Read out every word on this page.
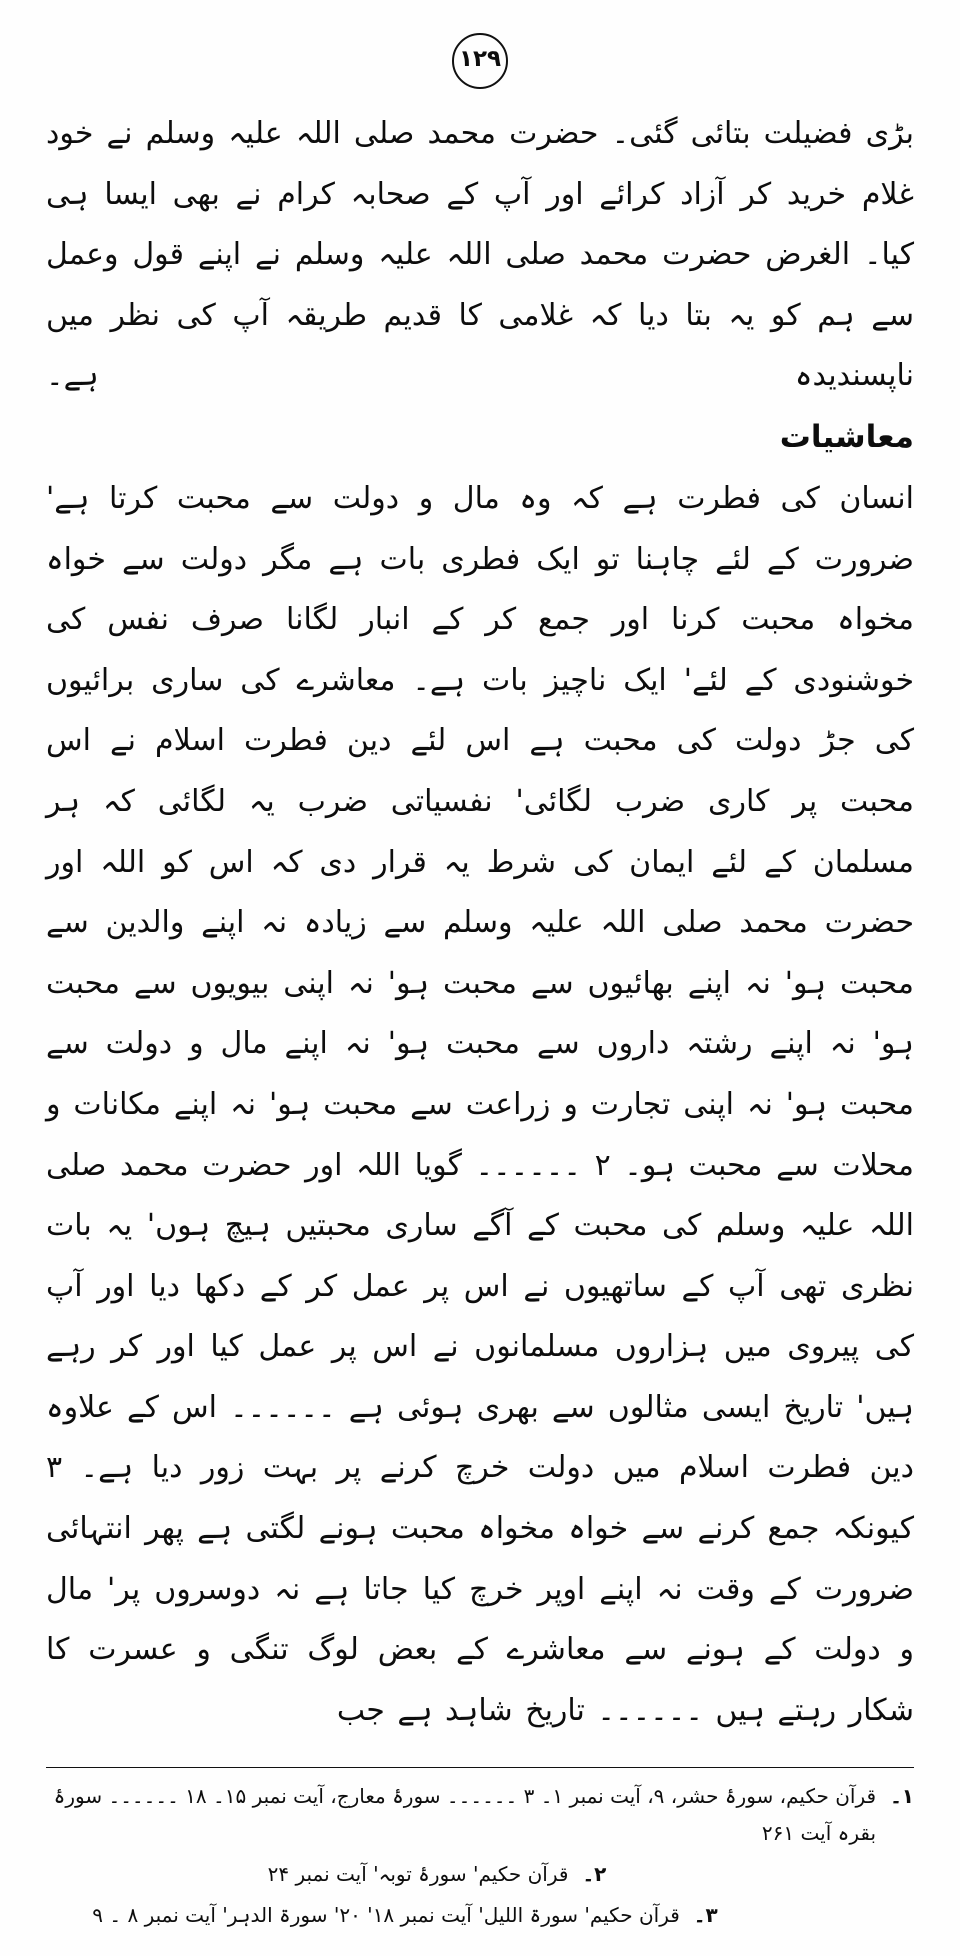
۱۲۹

بڑی فضیلت بتائی گئی۔ حضرت محمد صلی اللہ علیہ وسلم نے خود غلام خرید کر آزاد کرائے اور آپ کے صحابہ کرام نے بھی ایسا ہی کیا۔ الغرض حضرت محمد صلی اللہ علیہ وسلم نے اپنے قول وعمل سے ہم کو یہ بتا دیا کہ غلامی کا قدیم طریقہ آپ کی نظر میں ناپسندیدہ ہے۔

معاشیات

انسان کی فطرت ہے کہ وہ مال و دولت سے محبت کرتا ہے' ضرورت کے لئے چاہنا تو ایک فطری بات ہے مگر دولت سے خواہ مخواہ محبت کرنا اور جمع کر کے انبار لگانا صرف نفس کی خوشنودی کے لئے' ایک ناچیز بات ہے۔ معاشرے کی ساری برائیوں کی جڑ دولت کی محبت ہے اس لئے دین فطرت اسلام نے اس محبت پر کاری ضرب لگائی' نفسیاتی ضرب یہ لگائی کہ ہر مسلمان کے لئے ایمان کی شرط یہ قرار دی کہ اس کو اللہ اور حضرت محمد صلی اللہ علیہ وسلم سے زیادہ نہ اپنے والدین سے محبت ہو' نہ اپنے بھائیوں سے محبت ہو' نہ اپنی بیویوں سے محبت ہو' نہ اپنے رشتہ داروں سے محبت ہو' نہ اپنے مال و دولت سے محبت ہو' نہ اپنی تجارت و زراعت سے محبت ہو' نہ اپنے مکانات و محلات سے محبت ہو۔ ۲ ۔۔۔۔۔۔ گویا اللہ اور حضرت محمد صلی اللہ علیہ وسلم کی محبت کے آگے ساری محبتیں ہیچ ہوں' یہ بات نظری تھی آپ کے ساتھیوں نے اس پر عمل کر کے دکھا دیا اور آپ کی پیروی میں ہزاروں مسلمانوں نے اس پر عمل کیا اور کر رہے ہیں' تاریخ ایسی مثالوں سے بھری ہوئی ہے ۔۔۔۔۔۔ اس کے علاوہ دین فطرت اسلام میں دولت خرچ کرنے پر بہت زور دیا ہے۔ ۳ کیونکہ جمع کرنے سے خواہ مخواہ محبت ہونے لگتی ہے پھر انتہائی ضرورت کے وقت نہ اپنے اوپر خرچ کیا جاتا ہے نہ دوسروں پر' مال و دولت کے ہونے سے معاشرے کے بعض لوگ تنگی و عسرت کا شکار رہتے ہیں ۔۔۔۔۔۔ تاریخ شاہد ہے جب

۱۔
قرآن حکیم، سورۂ حشر، ۹، آیت نمبر ۱۔ ۳ ۔۔۔۔۔۔ سورۂ معارج، آیت نمبر ۱۵۔ ۱۸ ۔۔۔۔۔۔ سورۂ بقرہ آیت ۲۶۱
۲۔
قرآن حکیم' سورۂ توبہ' آیت نمبر ۲۴
۳۔
قرآن حکیم' سورۃ اللیل' آیت نمبر ۱۸' ۲۰' سورۃ الدہر' آیت نمبر ۸ ۔ ۹
